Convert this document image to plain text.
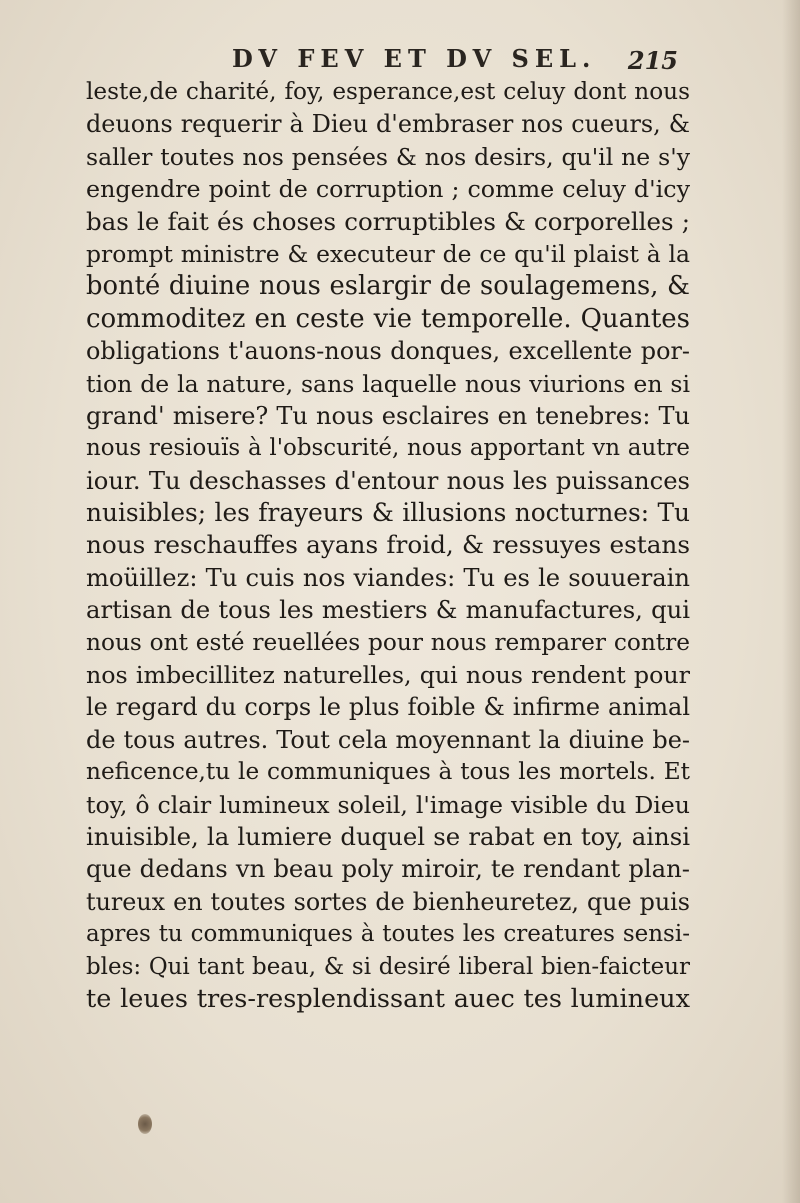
DV FEV ET DV SEL. 215
leste,de charité, foy, esperance,est celuy dont nous
deuons requerir à Dieu d'embraser nos cueurs, &
saller toutes nos pensées & nos desirs, qu'il ne s'y
engendre point de corruption ; comme celuy d'icy
bas le fait és choses corruptibles & corporelles ;
prompt ministre & executeur de ce qu'il plaist à la
bonté diuine nous eslargir de soulagemens, &
commoditez en ceste vie temporelle. Quantes
obligations t'auons-nous donques, excellente por-
tion de la nature, sans laquelle nous viurions en si
grand' misere? Tu nous esclaires en tenebres: Tu
nous resiouïs à l'obscurité, nous apportant vn autre
iour. Tu deschasses d'entour nous les puissances
nuisibles; les frayeurs & illusions nocturnes: Tu
nous reschauffes ayans froid, & ressuyes estans
moüillez: Tu cuis nos viandes: Tu es le souuerain
artisan de tous les mestiers & manufactures, qui
nous ont esté reuellées pour nous remparer contre
nos imbecillitez naturelles, qui nous rendent pour
le regard du corps le plus foible & infirme animal
de tous autres. Tout cela moyennant la diuine be-
neficence,tu le communiques à tous les mortels. Et
toy, ô clair lumineux soleil, l'image visible du Dieu
inuisible, la lumiere duquel se rabat en toy, ainsi
que dedans vn beau poly miroir, te rendant plan-
tureux en toutes sortes de bienheuretez, que puis
apres tu communiques à toutes les creatures sensi-
bles: Qui tant beau, & si desiré liberal bien-faicteur
te leues tres-resplendissant auec tes lumineux
